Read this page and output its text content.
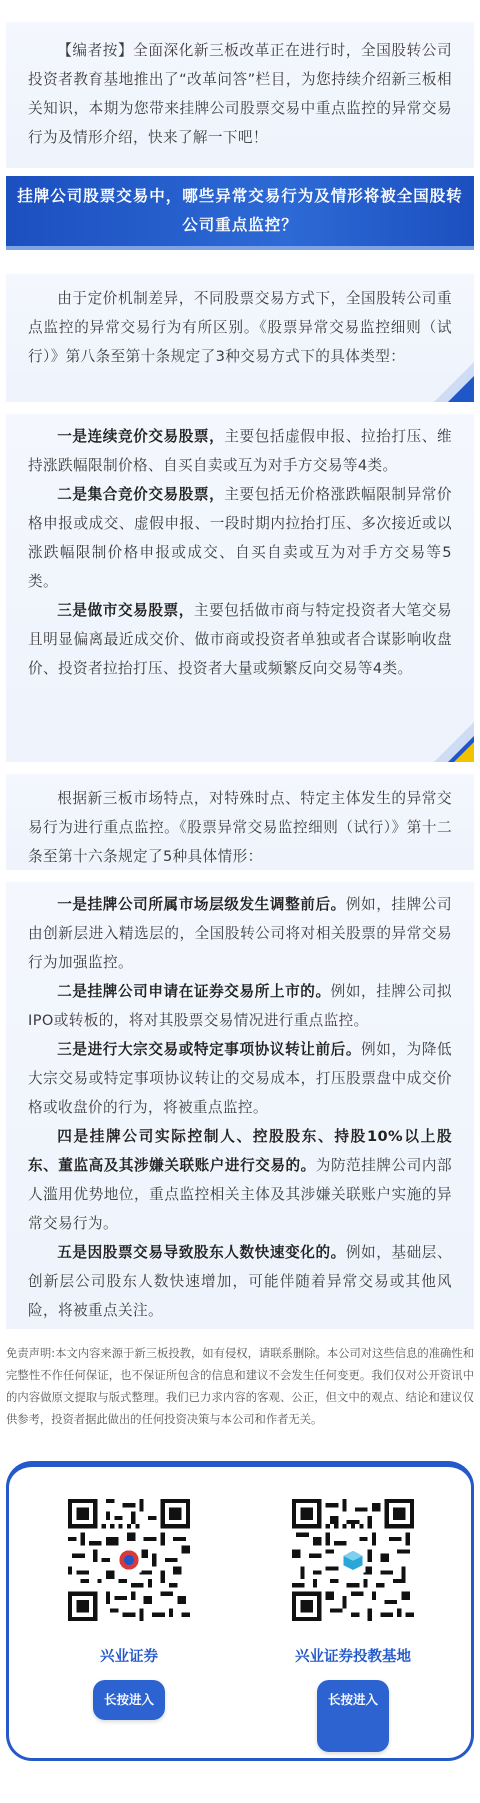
【编者按】全面深化新三板改革正在进行时，全国股转公司投资者教育基地推出了“改革问答”栏目，为您持续介绍新三板相关知识，本期为您带来挂牌公司股票交易中重点监控的异常交易行为及情形介绍，快来了解一下吧！

挂牌公司股票交易中，哪些异常交易行为及情形将被全国股转公司重点监控？

由于定价机制差异，不同股票交易方式下，全国股转公司重点监控的异常交易行为有所区别。《股票异常交易监控细则（试行）》第八条至第十条规定了3种交易方式下的具体类型：

一是连续竞价交易股票，主要包括虚假申报、拉抬打压、维持涨跌幅限制价格、自买自卖或互为对手方交易等4类。

二是集合竞价交易股票，主要包括无价格涨跌幅限制异常价格申报或成交、虚假申报、一段时期内拉抬打压、多次接近或以涨跌幅限制价格申报或成交、自买自卖或互为对手方交易等5类。

三是做市交易股票，主要包括做市商与特定投资者大笔交易且明显偏离最近成交价、做市商或投资者单独或者合谋影响收盘价、投资者拉抬打压、投资者大量或频繁反向交易等4类。

根据新三板市场特点，对特殊时点、特定主体发生的异常交易行为进行重点监控。《股票异常交易监控细则（试行）》第十二条至第十六条规定了5种具体情形：

一是挂牌公司所属市场层级发生调整前后。例如，挂牌公司由创新层进入精选层的，全国股转公司将对相关股票的异常交易行为加强监控。

二是挂牌公司申请在证券交易所上市的。例如，挂牌公司拟IPO或转板的，将对其股票交易情况进行重点监控。

三是进行大宗交易或特定事项协议转让前后。例如，为降低大宗交易或特定事项协议转让的交易成本，打压股票盘中成交价格或收盘价的行为，将被重点监控。

四是挂牌公司实际控制人、控股股东、持股10%以上股东、董监高及其涉嫌关联账户进行交易的。为防范挂牌公司内部人滥用优势地位，重点监控相关主体及其涉嫌关联账户实施的异常交易行为。

五是因股票交易导致股东人数快速变化的。例如，基础层、创新层公司股东人数快速增加，可能伴随着异常交易或其他风险，将被重点关注。

免责声明:本文内容来源于新三板投教，如有侵权，请联系删除。本公司对这些信息的准确性和完整性不作任何保证，也不保证所包含的信息和建议不会发生任何变更。我们仅对公开资讯中的内容做原文提取与版式整理。我们已力求内容的客观、公正，但文中的观点、结论和建议仅供参考，投资者据此做出的任何投资决策与本公司和作者无关。

兴业证券
长按进入
兴业证券投教基地
长按进入
